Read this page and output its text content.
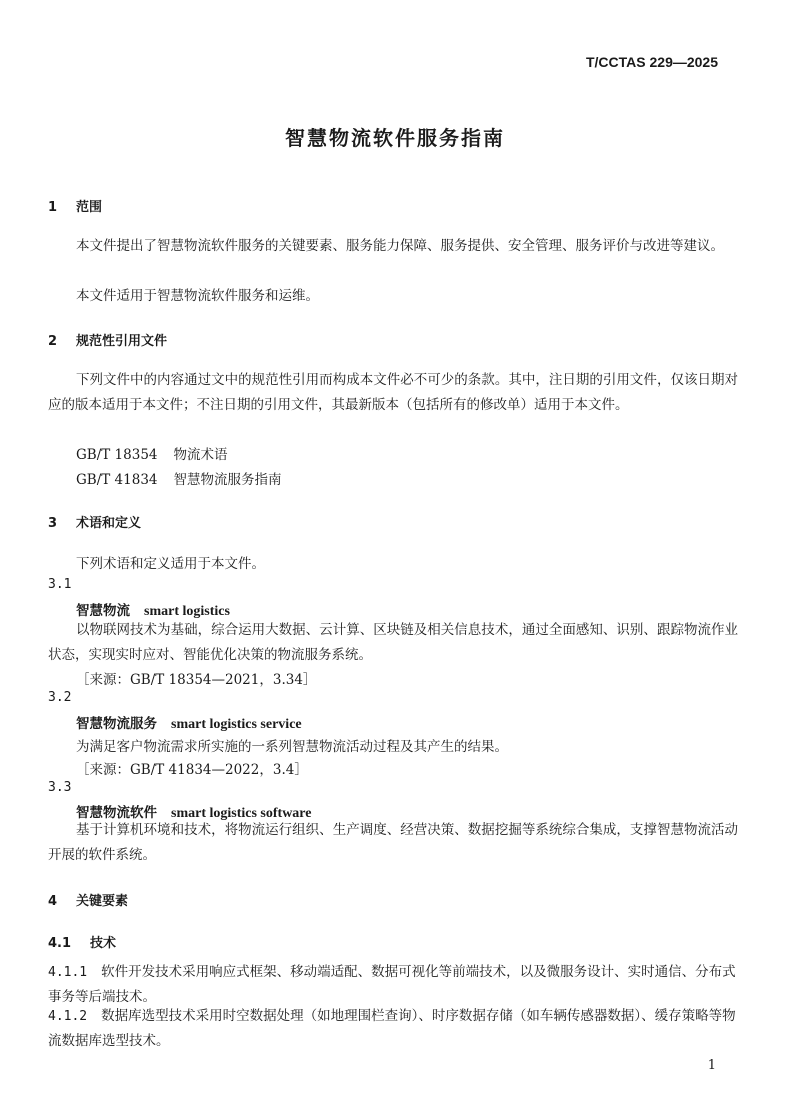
T/CCTAS 229—2025
智慧物流软件服务指南
1 范围
本文件提出了智慧物流软件服务的关键要素、服务能力保障、服务提供、安全管理、服务评价与改进等建议。
本文件适用于智慧物流软件服务和运维。
2 规范性引用文件
下列文件中的内容通过文中的规范性引用而构成本文件必不可少的条款。其中，注日期的引用文件，仅该日期对应的版本适用于本文件；不注日期的引用文件，其最新版本（包括所有的修改单）适用于本文件。
GB/T 18354 物流术语
GB/T 41834 智慧物流服务指南
3 术语和定义
下列术语和定义适用于本文件。
3.1
智慧物流 smart logistics
以物联网技术为基础，综合运用大数据、云计算、区块链及相关信息技术，通过全面感知、识别、跟踪物流作业状态，实现实时应对、智能优化决策的物流服务系统。
［来源：GB/T 18354—2021，3.34］
3.2
智慧物流服务 smart logistics service
为满足客户物流需求所实施的一系列智慧物流活动过程及其产生的结果。
［来源：GB/T 41834—2022，3.4］
3.3
智慧物流软件 smart logistics software
基于计算机环境和技术，将物流运行组织、生产调度、经营决策、数据挖掘等系统综合集成，支撑智慧物流活动开展的软件系统。
4 关键要素
4.1 技术
4.1.1 软件开发技术采用响应式框架、移动端适配、数据可视化等前端技术，以及微服务设计、实时通信、分布式事务等后端技术。
4.1.2 数据库选型技术采用时空数据处理（如地理围栏查询）、时序数据存储（如车辆传感器数据）、缓存策略等物流数据库选型技术。
1
